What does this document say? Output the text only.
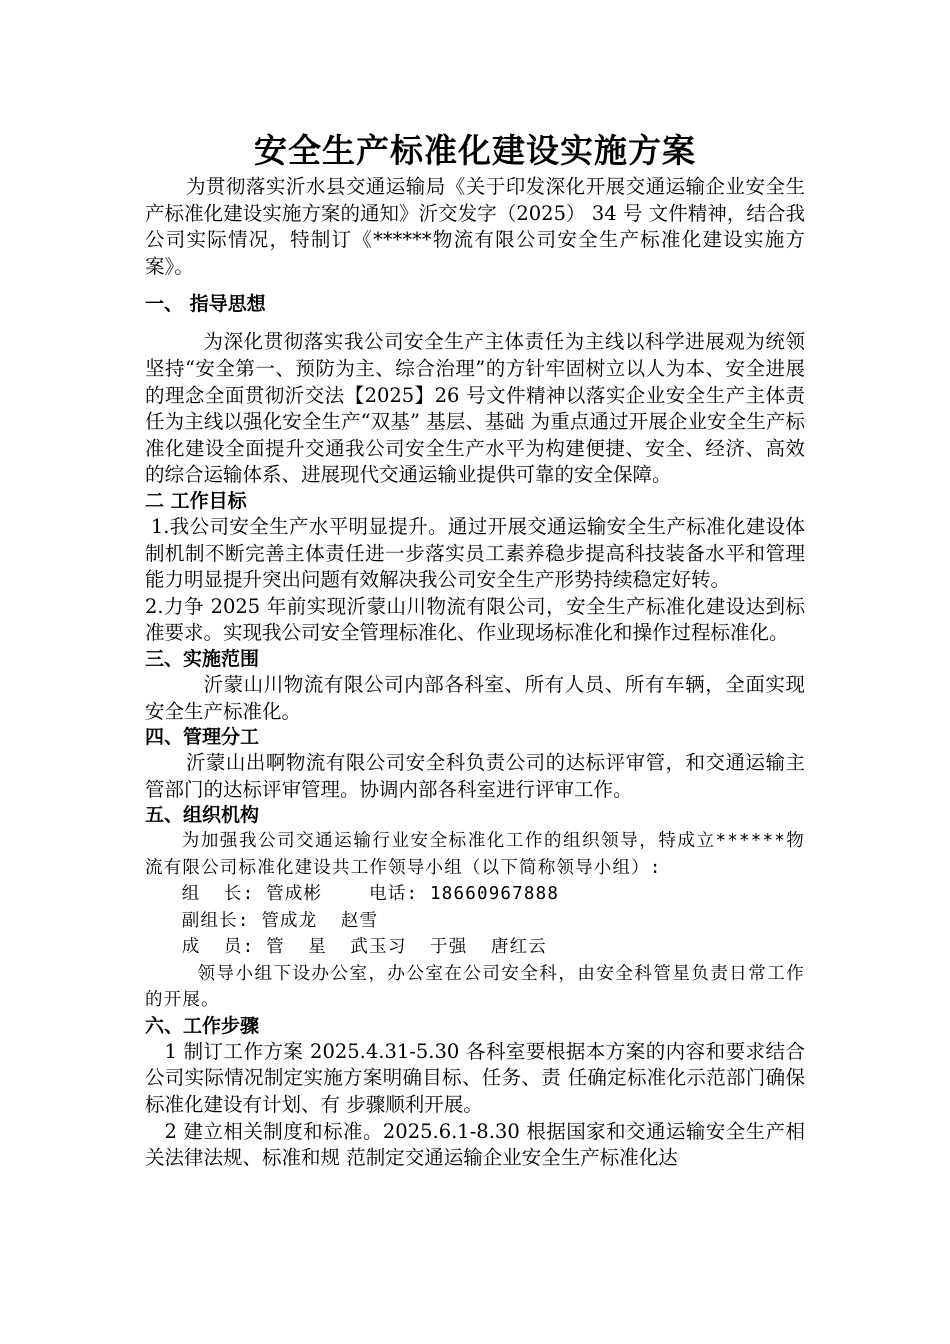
安全生产标准化建设实施方案

为贯彻落实沂水县交通运输局《关于印发深化开展交通运输企业安全生产标准化建设实施方案的通知》沂交发字（2025） 34 号 文件精神，结合我公司实际情况，特制订《******物流有限公司安全生产标准化建设实施方案》。

一、 指导思想

为深化贯彻落实我公司安全生产主体责任为主线以科学进展观为统领坚持“安全第一、预防为主、综合治理”的方针牢固树立以人为本、安全进展的理念全面贯彻沂交法【2025】26 号文件精神以落实企业安全生产主体责任为主线以强化安全生产“双基” 基层、基础 为重点通过开展企业安全生产标准化建设全面提升交通我公司安全生产水平为构建便捷、安全、经济、高效的综合运输体系、进展现代交通运输业提供可靠的安全保障。

二 工作目标

1.我公司安全生产水平明显提升。通过开展交通运输安全生产标准化建设体制机制不断完善主体责任进一步落实员工素养稳步提高科技装备水平和管理能力明显提升突出问题有效解决我公司安全生产形势持续稳定好转。

2.力争 2025 年前实现沂蒙山川物流有限公司，安全生产标准化建设达到标准要求。实现我公司安全管理标准化、作业现场标准化和操作过程标准化。

三、实施范围

沂蒙山川物流有限公司内部各科室、所有人员、所有车辆，全面实现安全生产标准化。

四、管理分工

沂蒙山出啊物流有限公司安全科负责公司的达标评审管，和交通运输主管部门的达标评审管理。协调内部各科室进行评审工作。

五、组织机构

为加强我公司交通运输行业安全标准化工作的组织领导，特成立******物流有限公司标准化建设共工作领导小组（以下简称领导小组）:

组  长: 管成彬    电话: 18660967888

副组长: 管成龙  赵雪

成  员: 管  星  武玉习  于强  唐红云

领导小组下设办公室，办公室在公司安全科，由安全科管星负责日常工作的开展。

六、工作步骤

1 制订工作方案 2025.4.31-5.30 各科室要根据本方案的内容和要求结合公司实际情况制定实施方案明确目标、任务、责 任确定标准化示范部门确保标准化建设有计划、有 步骤顺利开展。

2 建立相关制度和标准。2025.6.1-8.30 根据国家和交通运输安全生产相关法律法规、标准和规 范制定交通运输企业安全生产标准化达
